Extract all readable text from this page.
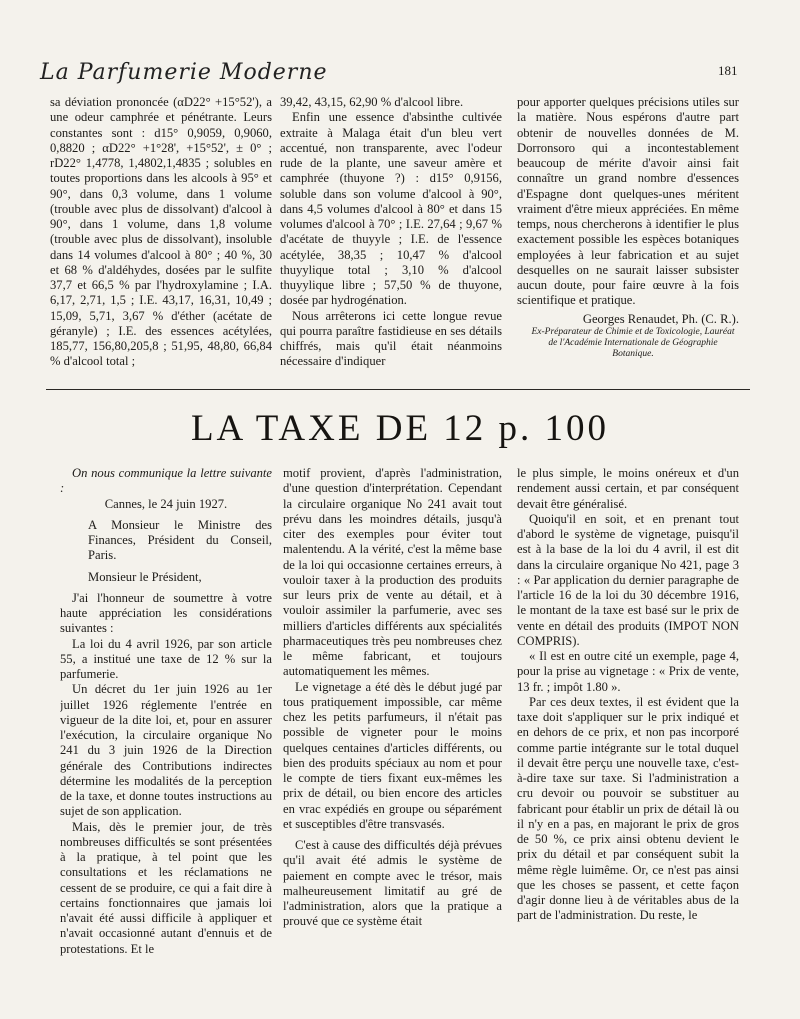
La Parfumerie Moderne	181

sa déviation prononcée (αD22° +15°52'), a une odeur camphrée et pénétrante. Leurs constantes sont : d15° 0,9059, 0,9060, 0,8820 ; αD22° +1°28', +15°52', ± 0° ; rD22° 1,4778, 1,4802,1,4835 ; solubles en toutes proportions dans les alcools à 95° et 90°, dans 0,3 volume, dans 1 volume (trouble avec plus de dissolvant) d'alcool à 90°, dans 1 volume, dans 1,8 volume (trouble avec plus de dissolvant), insoluble dans 14 volumes d'alcool à 80° ; 40 %, 30 et 68 % d'aldéhydes, dosées par le sulfite 37,7 et 66,5 % par l'hydroxylamine ; I.A. 6,17, 2,71, 1,5 ; I.E. 43,17, 16,31, 10,49 ; 15,09, 5,71, 3,67 % d'éther (acétate de géranyle) ; I.E. des essences acétylées, 185,77, 156,80,205,8 ; 51,95, 48,80, 66,84 % d'alcool total ;

39,42, 43,15, 62,90 % d'alcool libre.

Enfin une essence d'absinthe cultivée extraite à Malaga était d'un bleu vert accentué, non transparente, avec l'odeur rude de la plante, une saveur amère et camphrée (thuyone ?) : d15° 0,9156, soluble dans son volume d'alcool à 90°, dans 4,5 volumes d'alcool à 80° et dans 15 volumes d'alcool à 70° ; I.E. 27,64 ; 9,67 % d'acétate de thuyyle ; I.E. de l'essence acétylée, 38,35 ; 10,47 % d'alcool thuyylique total ; 3,10 % d'alcool thuyylique libre ; 57,50 % de thuyone, dosée par hydrogénation.

Nous arrêterons ici cette longue revue qui pourra paraître fastidieuse en ses détails chiffrés, mais qu'il était néanmoins nécessaire d'indiquer

pour apporter quelques précisions utiles sur la matière. Nous espérons d'autre part obtenir de nouvelles données de M. Dorronsoro qui a incontestablement beaucoup de mérite d'avoir ainsi fait connaître un grand nombre d'essences d'Espagne dont quelques-unes méritent vraiment d'être mieux appréciées. En même temps, nous chercherons à identifier le plus exactement possible les espèces botaniques employées à leur fabrication et au sujet desquelles on ne saurait laisser subsister aucun doute, pour faire œuvre à la fois scientifique et pratique.

Georges Renaudet, Ph. (C. R.).
Ex-Préparateur de Chimie et de Toxicologie, Lauréat de l'Académie Internationale de Géographie Botanique.
LA TAXE DE 12 p. 100

On nous communique la lettre suivante :

Cannes, le 24 juin 1927.

A Monsieur le Ministre des Finances, Président du Conseil, Paris.

Monsieur le Président,

J'ai l'honneur de soumettre à votre haute appréciation les considérations suivantes :

La loi du 4 avril 1926, par son article 55, a institué une taxe de 12 % sur la parfumerie.

Un décret du 1er juin 1926 au 1er juillet 1926 réglemente l'entrée en vigueur de la dite loi, et, pour en assurer l'exécution, la circulaire organique No 241 du 3 juin 1926 de la Direction générale des Contributions indirectes détermine les modalités de la perception de la taxe, et donne toutes instructions au sujet de son application.

Mais, dès le premier jour, de très nombreuses difficultés se sont présentées à la pratique, à tel point que les consultations et les réclamations ne cessent de se produire, ce qui a fait dire à certains fonctionnaires que jamais loi n'avait été aussi difficile à appliquer et n'avait occasionné autant d'ennuis et de protestations. Et le

motif provient, d'après l'administration, d'une question d'interprétation. Cependant la circulaire organique No 241 avait tout prévu dans les moindres détails, jusqu'à citer des exemples pour éviter tout malentendu. A la vérité, c'est la même base de la loi qui occasionne certaines erreurs, à vouloir taxer à la production des produits sur leurs prix de vente au détail, et à vouloir assimiler la parfumerie, avec ses milliers d'articles différents aux spécialités pharmaceutiques très peu nombreuses chez le même fabricant, et toujours automatiquement les mêmes.

Le vignetage a été dès le début jugé par tous pratiquement impossible, car même chez les petits parfumeurs, il n'était pas possible de vigneter pour le moins quelques centaines d'articles différents, ou bien des produits spéciaux au nom et pour le compte de tiers fixant eux-mêmes les prix de détail, ou bien encore des articles en vrac expédiés en groupe ou séparément et susceptibles d'être transvasés.

C'est à cause des difficultés déjà prévues qu'il avait été admis le système de paiement en compte avec le trésor, mais malheureusement limitatif au gré de l'administration, alors que la pratique a prouvé que ce système était

le plus simple, le moins onéreux et d'un rendement aussi certain, et par conséquent devait être généralisé.

Quoiqu'il en soit, et en prenant tout d'abord le système de vignetage, puisqu'il est à la base de la loi du 4 avril, il est dit dans la circulaire organique No 421, page 3 : « Par application du dernier paragraphe de l'article 16 de la loi du 30 décembre 1916, le montant de la taxe est basé sur le prix de vente en détail des produits (IMPOT NON COMPRIS).

« Il est en outre cité un exemple, page 4, pour la prise au vignetage : « Prix de vente, 13 fr. ; impôt 1.80 ».

Par ces deux textes, il est évident que la taxe doit s'appliquer sur le prix indiqué et en dehors de ce prix, et non pas incorporé comme partie intégrante sur le total duquel il devait être perçu une nouvelle taxe, c'est-à-dire taxe sur taxe. Si l'administration a cru devoir ou pouvoir se substituer au fabricant pour établir un prix de détail là ou il n'y en a pas, en majorant le prix de gros de 50 %, ce prix ainsi obtenu devient le prix du détail et par conséquent subit la même règle luimême. Or, ce n'est pas ainsi que les choses se passent, et cette façon d'agir donne lieu à de véritables abus de la part de l'administration. Du reste, le
